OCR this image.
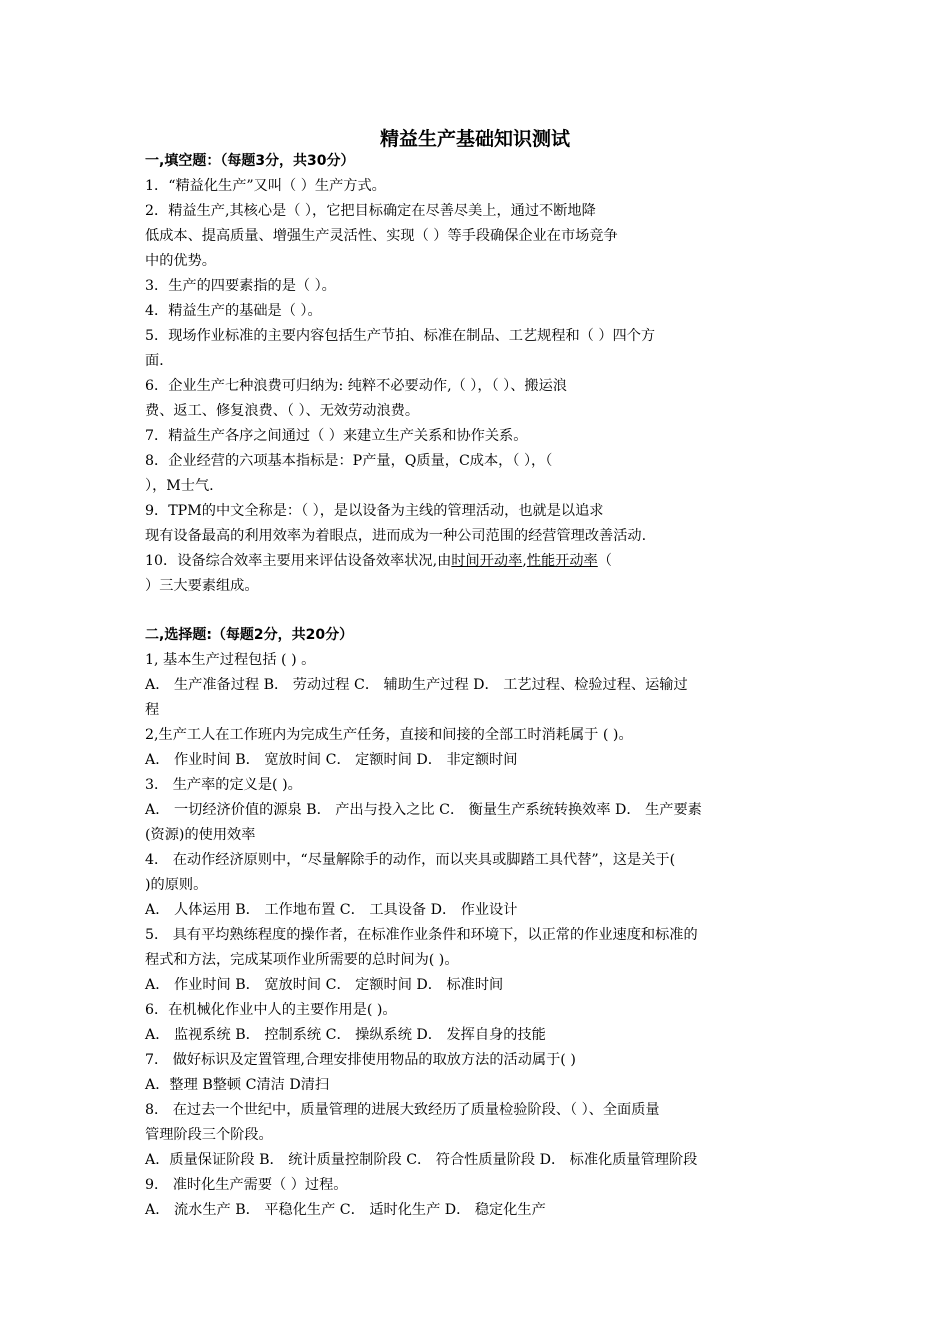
精益生产基础知识测试
一,填空题：（每题3分，共30分）
1．“精益化生产”又叫（ ）生产方式。
2．精益生产,其核心是（ ），它把目标确定在尽善尽美上，通过不断地降
低成本、提高质量、增强生产灵活性、实现（ ）等手段确保企业在市场竞争
中的优势。
3．生产的四要素指的是（ ）。
4．精益生产的基础是（ ）。
5．现场作业标准的主要内容包括生产节拍、标准在制品、工艺规程和（ ）四个方
面．
6．企业生产七种浪费可归纳为: 纯粹不必要动作,（ ），（ ）、搬运浪
费、返工、修复浪费、（ ）、无效劳动浪费。
7．精益生产各序之间通过（ ）来建立生产关系和协作关系。
8．企业经营的六项基本指标是：P产量，Q质量，C成本，（ ），（
），M士气.
9．TPM的中文全称是：（ ），是以设备为主线的管理活动，也就是以追求
现有设备最高的利用效率为着眼点，进而成为一种公司范围的经营管理改善活动.
10．设备综合效率主要用来评估设备效率状况,由时间开动率,性能开动率（
）三大要素组成。
二,选择题:（每题2分，共20分）
1, 基本生产过程包括 ( ) 。
A． 生产准备过程 B． 劳动过程 C． 辅助生产过程 D． 工艺过程、检验过程、运输过
程
2,生产工人在工作班内为完成生产任务，直接和间接的全部工时消耗属于 ( )。
A． 作业时间 B． 宽放时间 C． 定额时间 D． 非定额时间
3． 生产率的定义是( )。
A． 一切经济价值的源泉 B． 产出与投入之比 C． 衡量生产系统转换效率 D． 生产要素
(资源)的使用效率
4． 在动作经济原则中，“尽量解除手的动作，而以夹具或脚踏工具代替”，这是关于(
)的原则。
A． 人体运用 B． 工作地布置 C． 工具设备 D． 作业设计
5． 具有平均熟练程度的操作者，在标准作业条件和环境下，以正常的作业速度和标准的
程式和方法，完成某项作业所需要的总时间为( )。
A． 作业时间 B． 宽放时间 C． 定额时间 D． 标准时间
6．在机械化作业中人的主要作用是( )。
A． 监视系统 B． 控制系统 C． 操纵系统 D． 发挥自身的技能
7． 做好标识及定置管理,合理安排使用物品的取放方法的活动属于( )
A．整理 B整顿 C清洁 D清扫
8． 在过去一个世纪中，质量管理的进展大致经历了质量检验阶段、（ ）、全面质量
管理阶段三个阶段。
A．质量保证阶段 B． 统计质量控制阶段 C． 符合性质量阶段 D． 标准化质量管理阶段
9． 准时化生产需要（ ）过程。
A． 流水生产 B． 平稳化生产 C． 适时化生产 D． 稳定化生产
